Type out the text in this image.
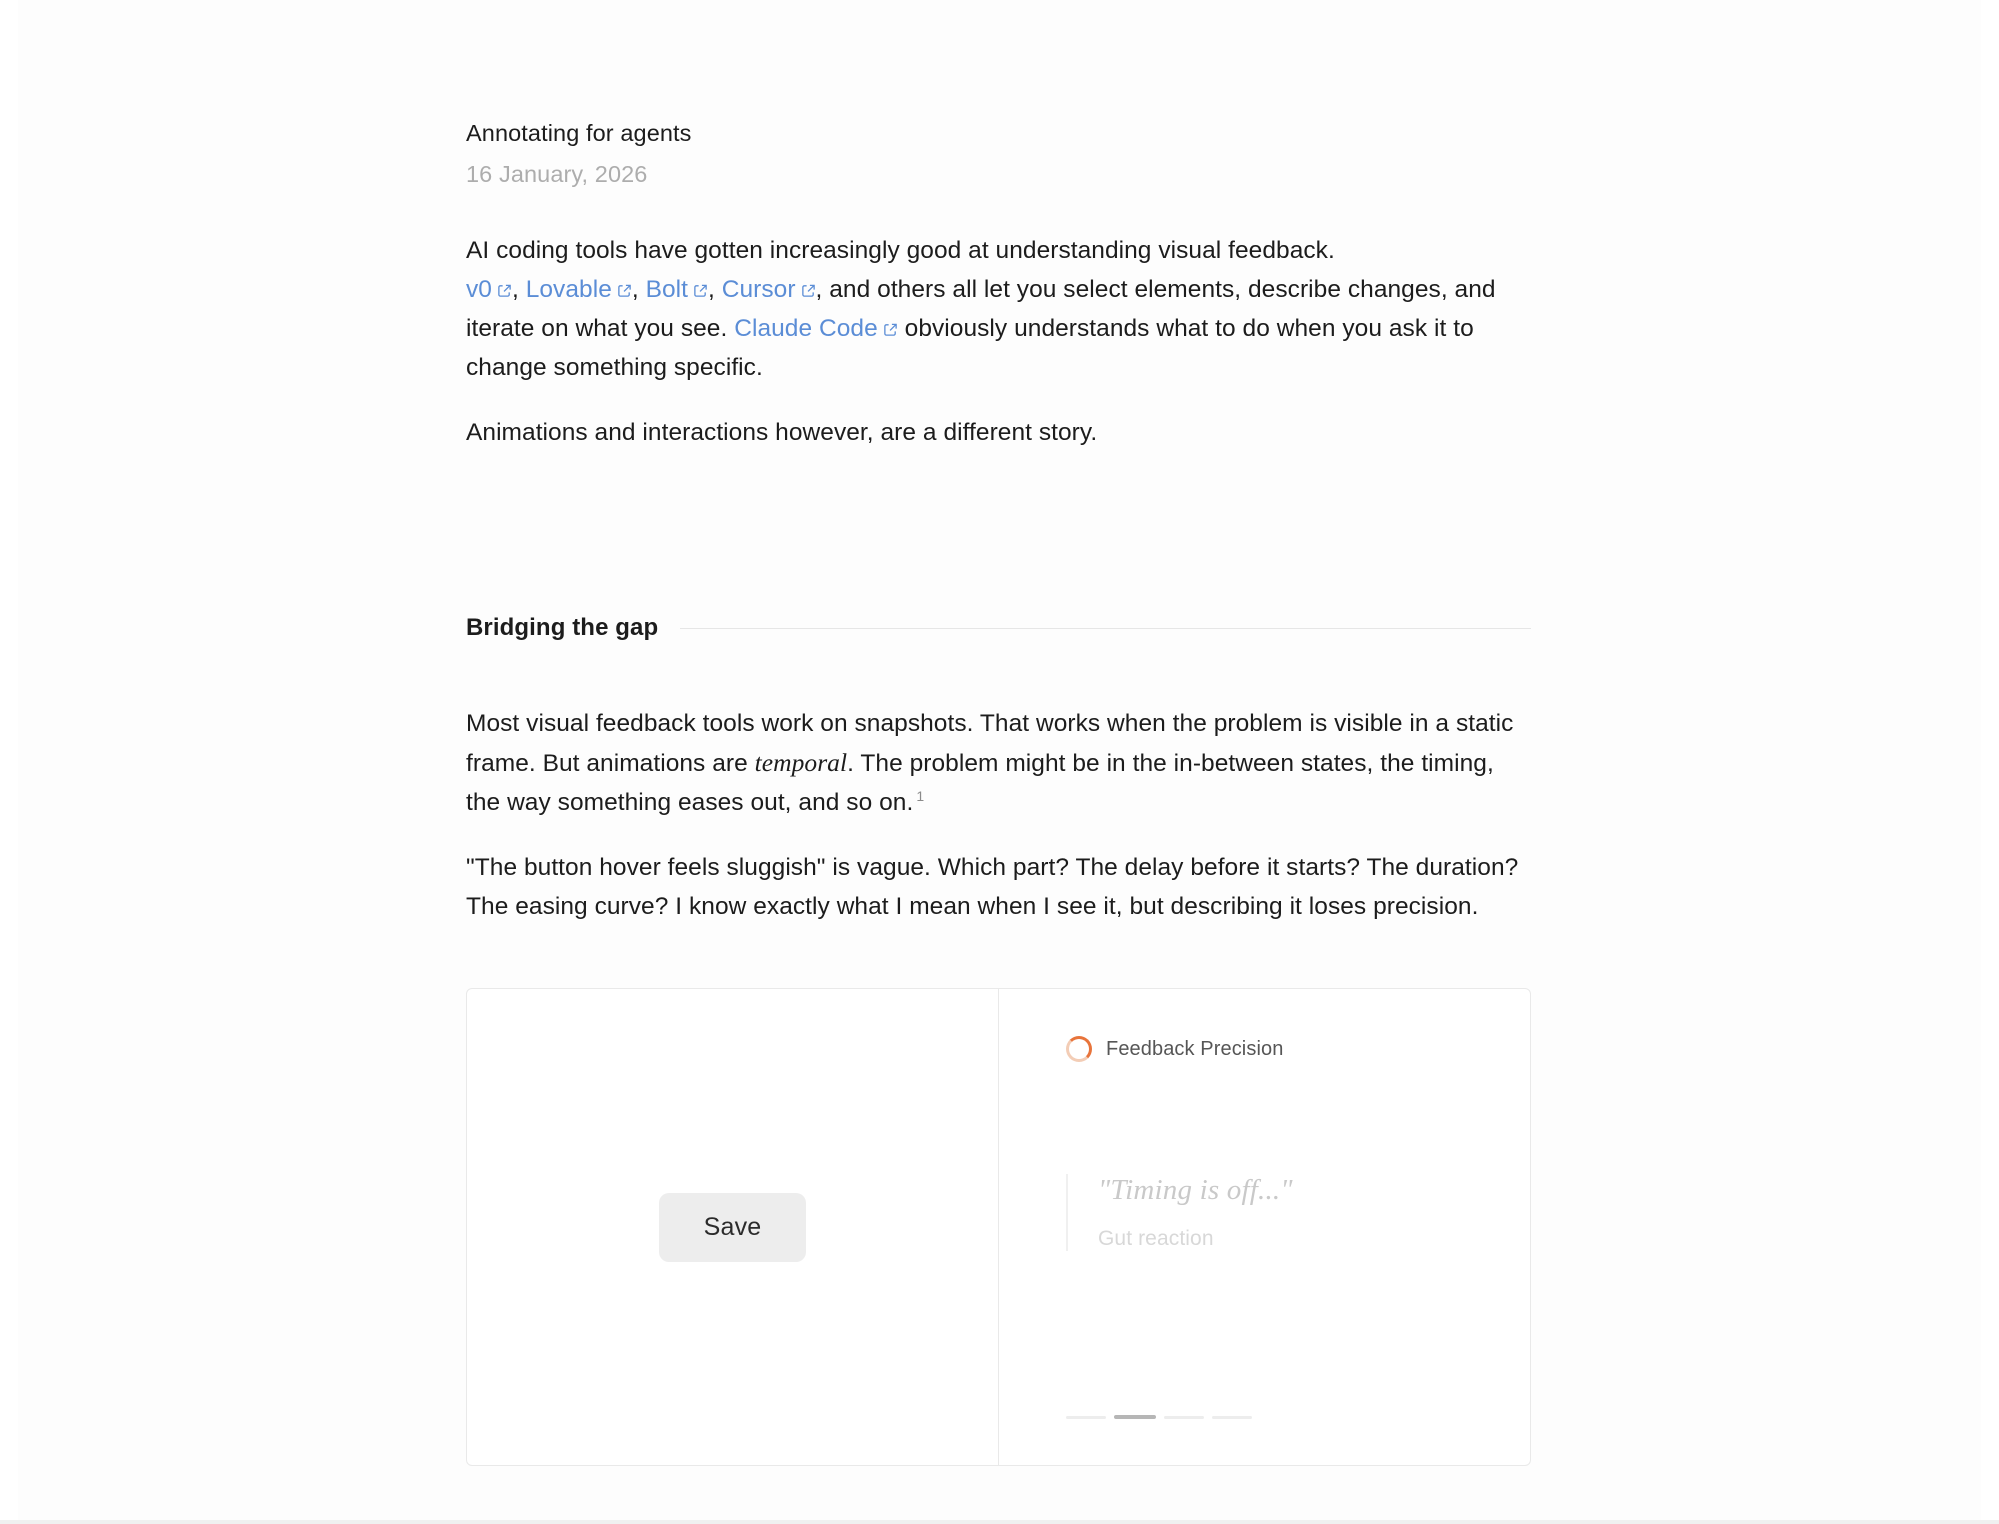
Annotating for agents
16 January, 2026

AI coding tools have gotten increasingly good at understanding visual feedback.
v0 , Lovable , Bolt , Cursor , and others all let you select elements, describe changes, and iterate on what you see. Claude Code obviously understands what to do when you ask it to change something specific.

Animations and interactions however, are a different story.

Bridging the gap

Most visual feedback tools work on snapshots. That works when the problem is visible in a static frame. But animations are temporal. The problem might be in the in-between states, the timing, the way something eases out, and so on. $^1$

"The button hover feels sluggish" is vague. Which part? The delay before it starts? The duration? The easing curve? I know exactly what I mean when I see it, but describing it loses precision.

Save
Feedback Precision

"Timing is off..."

Gut reaction
